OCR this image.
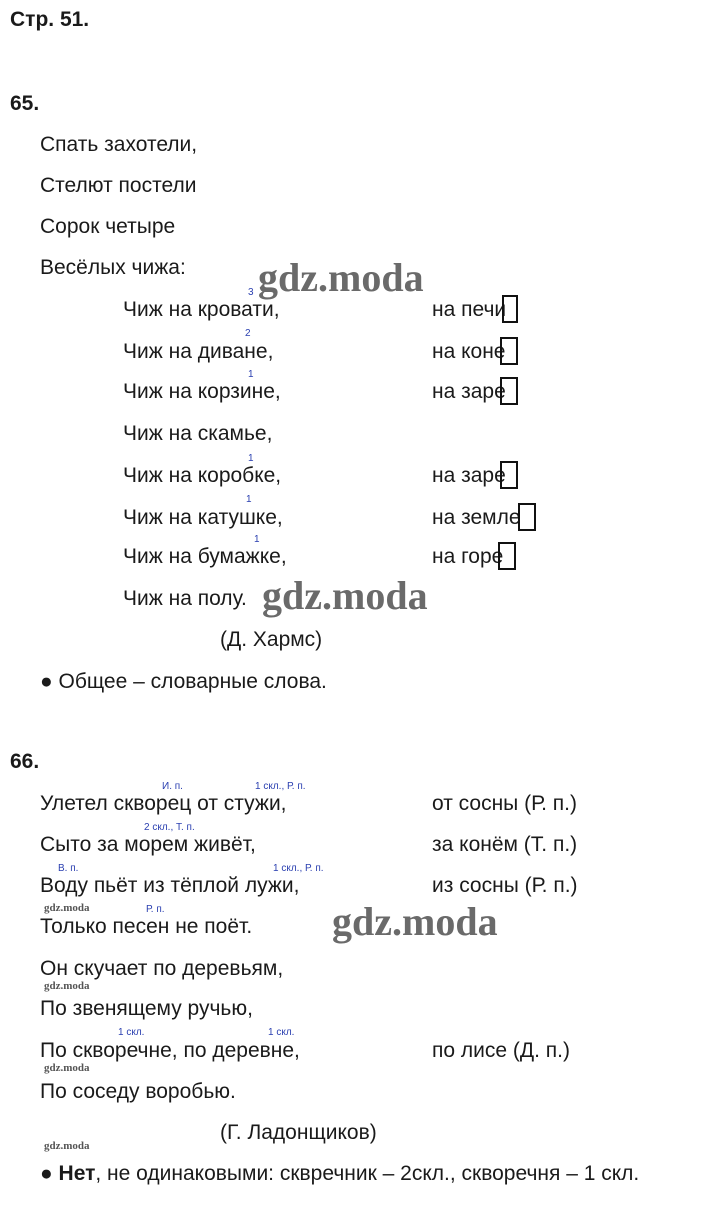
Стр. 51.
65.
Спать захотели,
Стелют постели
Сорок четыре
Весёлых чижа:
3
Чиж на кровати,	на печи
2
Чиж на диване,	на коне
1
Чиж на корзине,	на заре
Чиж на скамье,
1
Чиж на коробке,	на заре
1
Чиж на катушке,	на земле
1
Чиж на бумажке,	на горе
Чиж на полу.
(Д. Хармс)
● Общее – словарные слова.
66.
И. п.	1 скл., Р. п.
Улетел скворец от стужи,	от сосны (Р. п.)
2 скл., Т. п.
Сыто за морем живёт,	за конём (Т. п.)
В. п.	1 скл., Р. п.
Воду пьёт из тёплой лужи,	из сосны (Р. п.)
Р. п.
Только песен не поёт.
Он скучает по деревьям,
По звенящему ручью,
1 скл.	1 скл.
По скворечне, по деревне,	по лисе (Д. п.)
По соседу воробью.
(Г. Ладонщиков)
● Нет, не одинаковыми: сквречник – 2скл., скворечня – 1 скл.
gdz.moda
gdz.moda
gdz.moda
gdz.moda
gdz.moda
gdz.moda
gdz.moda
